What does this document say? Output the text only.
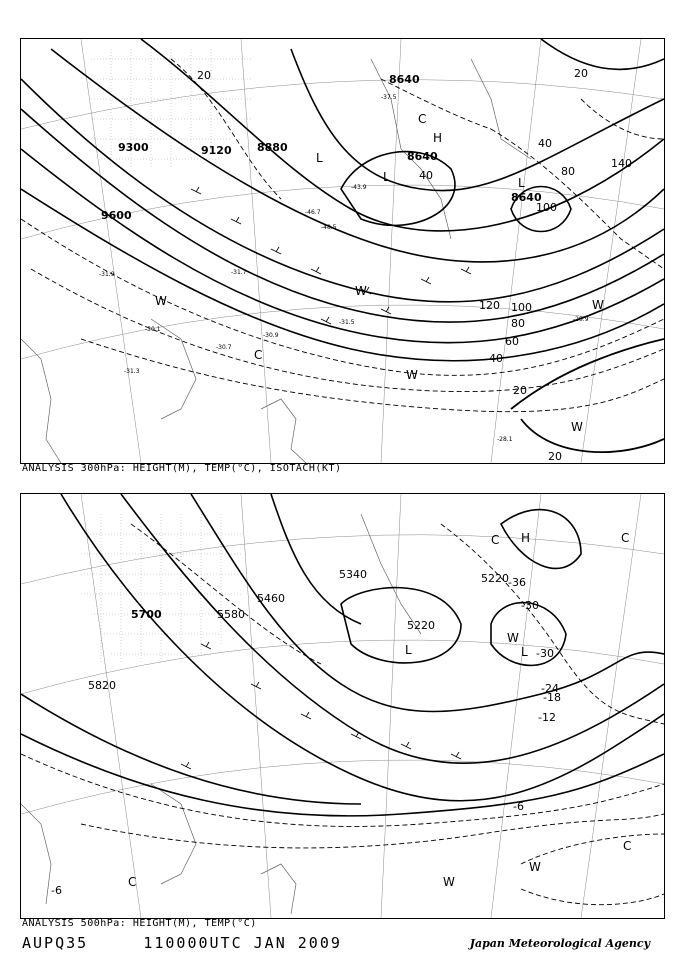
9300	9120 8880
8640
8640
8640
9600
20	20
40
40
80
140
100
120 100
80
60
40
20
20
-46.7
-31.7
-48.5
-31.5
-30.7
-30.9
-31.9
-30.1
-31.3
-28.1
-29.9
-37.5
-43.9
H
L
L
L
C
C
W
W
W
W
W
ANALYSIS 300hPa: HEIGHT(M), TEMP(°C), ISOTACH(KT)
5700	5580
5460
5340
5220
5220
5820
-36
-30
-30
-24
-18
-12
-6
-6
H
L	L
C	C
C
C
W
W
W
ANALYSIS 500hPa: HEIGHT(M), TEMP(°C)
AUPQ35	110000UTC JAN 2009	Japan Meteorological Agency
